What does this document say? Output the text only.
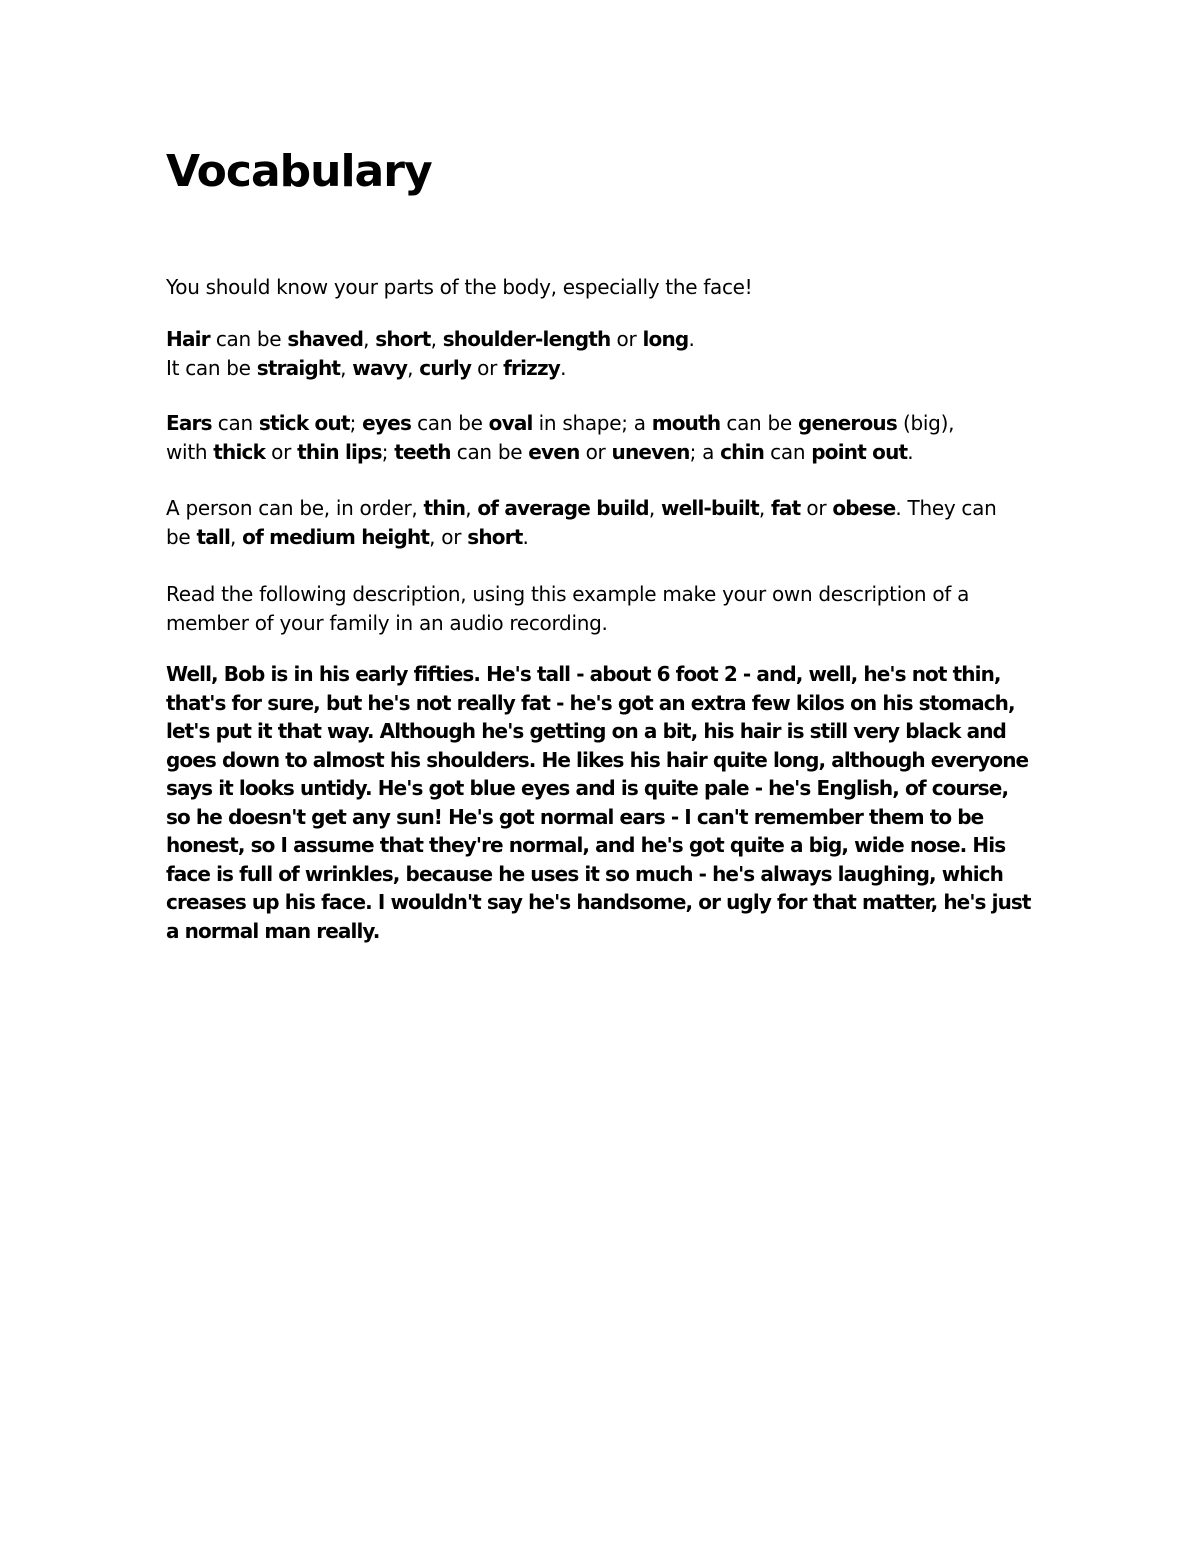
Vocabulary

You should know your parts of the body, especially the face!

Hair can be shaved, short, shoulder-length or long.
It can be straight, wavy, curly or frizzy.

Ears can stick out; eyes can be oval in shape; a mouth can be generous (big),
with thick or thin lips; teeth can be even or uneven; a chin can point out.

A person can be, in order, thin, of average build, well-built, fat or obese. They can
be tall, of medium height, or short.

Read the following description, using this example make your own description of a
member of your family in an audio recording.

Well, Bob is in his early fifties. He's tall - about 6 foot 2 - and, well, he's not thin,
that's for sure, but he's not really fat - he's got an extra few kilos on his stomach,
let's put it that way. Although he's getting on a bit, his hair is still very black and
goes down to almost his shoulders. He likes his hair quite long, although everyone
says it looks untidy. He's got blue eyes and is quite pale - he's English, of course,
so he doesn't get any sun! He's got normal ears - I can't remember them to be
honest, so I assume that they're normal, and he's got quite a big, wide nose. His
face is full of wrinkles, because he uses it so much - he's always laughing, which
creases up his face. I wouldn't say he's handsome, or ugly for that matter, he's just
a normal man really.
